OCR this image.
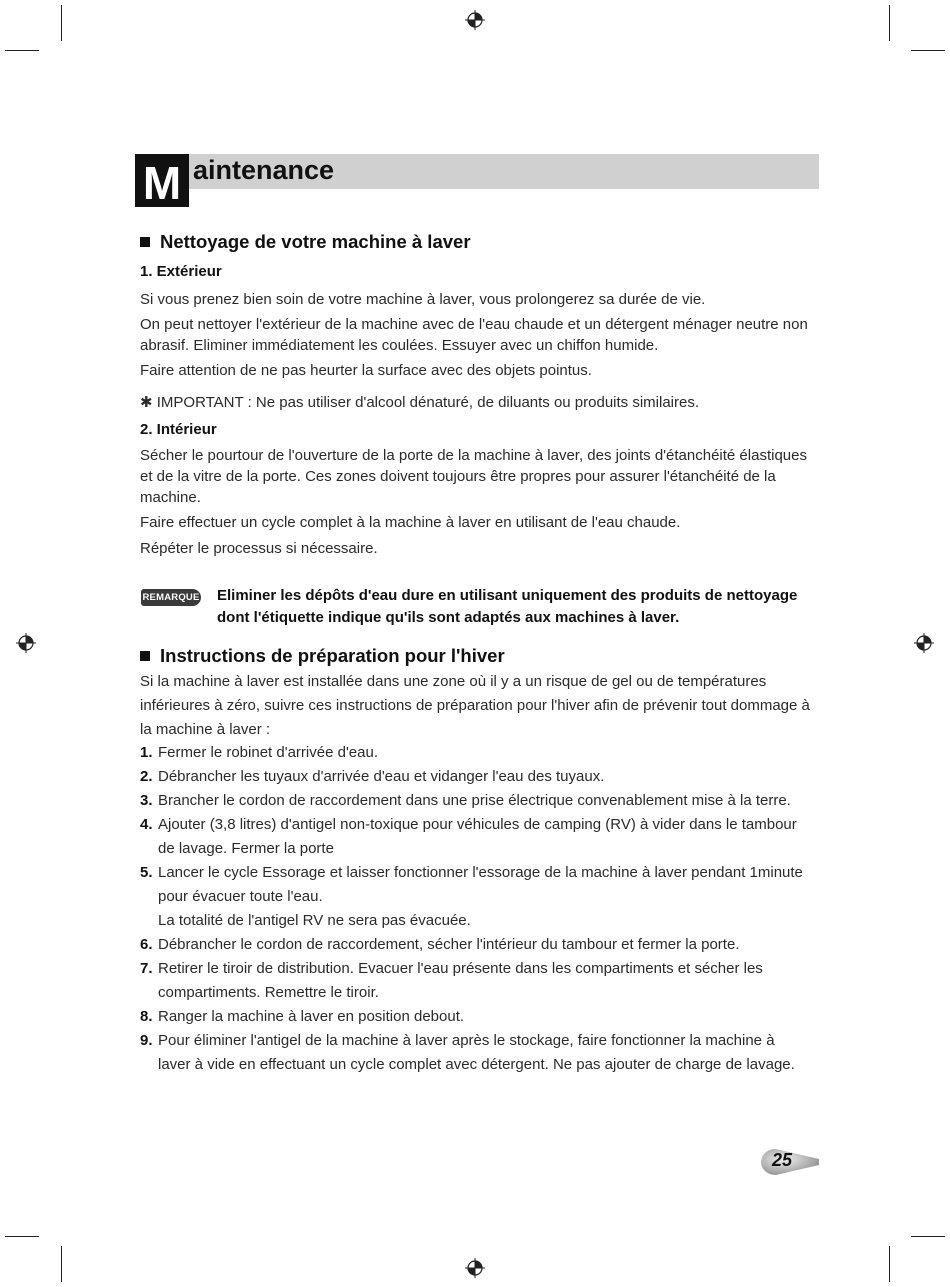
M aintenance
Nettoyage de votre machine à laver
1. Extérieur
Si vous prenez bien soin de votre machine à laver, vous prolongerez sa durée de vie.
On peut nettoyer l'extérieur de la machine avec de l'eau chaude et un détergent ménager neutre non abrasif. Eliminer immédiatement les coulées. Essuyer avec un chiffon humide.
Faire attention de ne pas heurter la surface avec des objets pointus.
✱ IMPORTANT : Ne pas utiliser d'alcool dénaturé, de diluants ou produits similaires.
2. Intérieur
Sécher le pourtour de l'ouverture de la porte de la machine à laver, des joints d'étanchéité élastiques et de la vitre de la porte. Ces zones doivent toujours être propres pour assurer l'étanchéité de la machine.
Faire effectuer un cycle complet à la machine à laver en utilisant de l'eau chaude.
Répéter le processus si nécessaire.
REMARQUE Eliminer les dépôts d'eau dure en utilisant uniquement des produits de nettoyage dont l'étiquette indique qu'ils sont adaptés aux machines à laver.
Instructions de préparation pour l'hiver
Si la machine à laver est installée dans une zone où il y a un risque de gel ou de températures inférieures à zéro, suivre ces instructions de préparation pour l'hiver afin de prévenir tout dommage à la machine à laver :
1. Fermer le robinet d'arrivée d'eau.
2. Débrancher les tuyaux d'arrivée d'eau et vidanger l'eau des tuyaux.
3. Brancher le cordon de raccordement dans une prise électrique convenablement mise à la terre.
4. Ajouter (3,8 litres) d'antigel non-toxique pour véhicules de camping (RV) à vider dans le tambour de lavage. Fermer la porte
5. Lancer le cycle Essorage et laisser fonctionner l'essorage de la machine à laver pendant 1minute pour évacuer toute l'eau.
La totalité de l'antigel RV ne sera pas évacuée.
6. Débrancher le cordon de raccordement, sécher l'intérieur du tambour et fermer la porte.
7. Retirer le tiroir de distribution. Evacuer l'eau présente dans les compartiments et sécher les compartiments. Remettre le tiroir.
8. Ranger la machine à laver en position debout.
9. Pour éliminer l'antigel de la machine à laver après le stockage, faire fonctionner la machine à laver à vide en effectuant un cycle complet avec détergent. Ne pas ajouter de charge de lavage.
25
